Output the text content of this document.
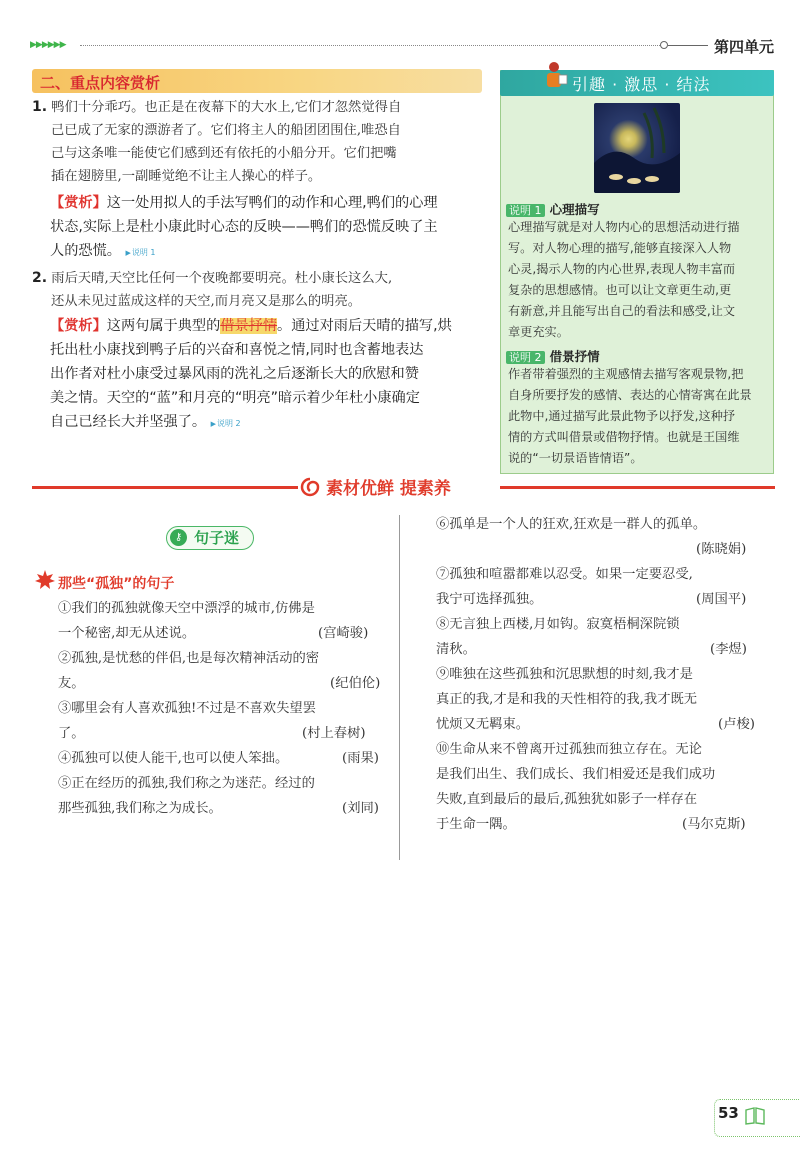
▶▶▶▶▶▶	第四单元
二、重点内容赏析
1. 鸭们十分乖巧。也正是在夜幕下的大水上,它们才忽然觉得自
己已成了无家的漂游者了。它们将主人的船团团围住,唯恐自
己与这条唯一能使它们感到还有依托的小船分开。它们把嘴
插在翅膀里,一副睡觉绝不让主人操心的样子。
【赏析】这一处用拟人的手法写鸭们的动作和心理,鸭们的心理
状态,实际上是杜小康此时心态的反映——鸭们的恐慌反映了主
人的恐慌。 ▶ 说明 1
2. 雨后天晴,天空比任何一个夜晚都要明亮。杜小康长这么大,
还从未见过蓝成这样的天空,而月亮又是那么的明亮。
【赏析】这两句属于典型的借景抒情。通过对雨后天晴的描写,烘
托出杜小康找到鸭子后的兴奋和喜悦之情,同时也含蓄地表达
出作者对杜小康受过暴风雨的洗礼之后逐渐长大的欣慰和赞
美之情。天空的“蓝”和月亮的“明亮”暗示着少年杜小康确定
自己已经长大并坚强了。 ▶ 说明 2
引趣 · 激思 · 结法
说明 1 心理描写
心理描写就是对人物内心的思想活动进行描
写。对人物心理的描写,能够直接深入人物
心灵,揭示人物的内心世界,表现人物丰富而
复杂的思想感情。也可以让文章更生动,更
有新意,并且能写出自己的看法和感受,让文
章更充实。
说明 2 借景抒情
作者带着强烈的主观感情去描写客观景物,把
自身所要抒发的感情、表达的心情寄寓在此景
此物中,通过描写此景此物予以抒发,这种抒
情的方式叫借景或借物抒情。也就是王国维
说的“一切景语皆情语”。
素材优鲜 提素养
⚷ 句子迷
那些“孤独”的句子
①我们的孤独就像天空中漂浮的城市,仿佛是
一个秘密,却无从述说。	(宫崎骏)
②孤独,是忧愁的伴侣,也是每次精神活动的密
友。	(纪伯伦)
③哪里会有人喜欢孤独!不过是不喜欢失望罢
了。	(村上春树)
④孤独可以使人能干,也可以使人笨拙。	(雨果)
⑤正在经历的孤独,我们称之为迷茫。经过的
那些孤独,我们称之为成长。	(刘同)
⑥孤单是一个人的狂欢,狂欢是一群人的孤单。
(陈晓娟)
⑦孤独和喧嚣都难以忍受。如果一定要忍受,
我宁可选择孤独。	(周国平)
⑧无言独上西楼,月如钩。寂寞梧桐深院锁
清秋。	(李煜)
⑨唯独在这些孤独和沉思默想的时刻,我才是
真正的我,才是和我的天性相符的我,我才既无
忧烦又无羁束。	(卢梭)
⑩生命从来不曾离开过孤独而独立存在。无论
是我们出生、我们成长、我们相爱还是我们成功
失败,直到最后的最后,孤独犹如影子一样存在
于生命一隅。	(马尔克斯)
53
